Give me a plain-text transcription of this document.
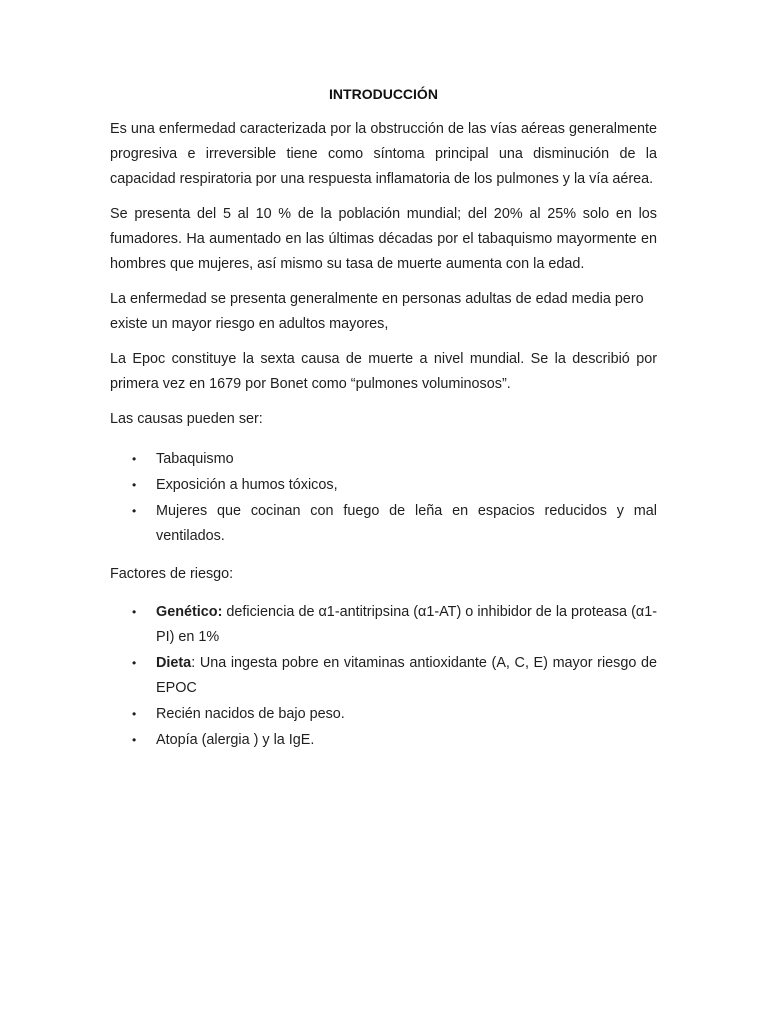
INTRODUCCIÓN

Es una enfermedad caracterizada por la obstrucción de las vías aéreas generalmente progresiva e irreversible tiene como síntoma principal una disminución de la capacidad respiratoria por una respuesta inflamatoria de los pulmones y la vía aérea.

Se presenta del 5 al 10 % de la población mundial; del 20% al 25% solo en los fumadores. Ha aumentado en las últimas décadas por el tabaquismo mayormente en hombres que mujeres, así mismo su tasa de muerte aumenta con la edad.

La enfermedad se presenta generalmente en personas adultas de edad media pero existe un mayor riesgo en adultos mayores,

La Epoc constituye la sexta causa de muerte a nivel mundial. Se la describió por primera vez en 1679 por Bonet como “pulmones voluminosos”.

Las causas pueden ser:

• Tabaquismo
• Exposición a humos tóxicos,
• Mujeres que cocinan con fuego de leña en espacios reducidos y mal ventilados.

Factores de riesgo:

• Genético: deficiencia de α1-antitripsina (α1-AT) o inhibidor de la proteasa (α1-PI) en 1%
• Dieta: Una ingesta pobre en vitaminas antioxidante (A, C, E) mayor riesgo de EPOC
• Recién nacidos de bajo peso.
• Atopía (alergia ) y la IgE.
